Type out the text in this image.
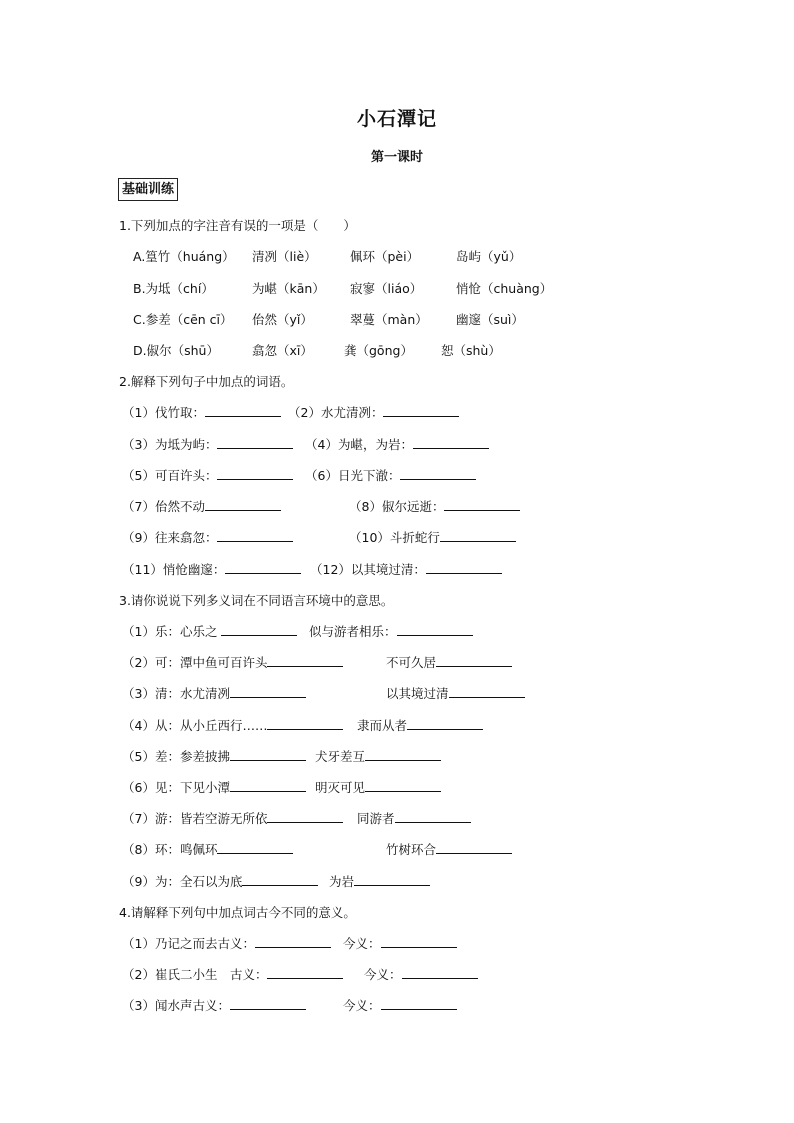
小石潭记
第一课时
基础训练
1.下列加点的字注音有误的一项是（　　）
A.篁竹（huáng） 清冽（liè）	佩环（pèi）	岛屿（yǔ）
B.为坻（chí）	为嵁（kān） 寂寥（liáo）	悄怆（chuàng）
C.参差（cēn cī） 佁然（yǐ）	翠蔓（màn） 幽邃（suì）
D.俶尔（shū）	翕忽（xī） 龚（gōng） 恕（shù）
2.解释下列句子中加点的词语。
（1）伐竹取：	（2）水尤清冽：
（3）为坻为屿：	（4）为嵁，为岩：
（5）可百许头：	（6）日光下澈：
（7）佁然不动	（8）俶尔远逝：
（9）往来翕忽：	（10）斗折蛇行
（11）悄怆幽邃：	（12）以其境过清：
3.请你说说下列多义词在不同语言环境中的意思。
（1）乐：心乐之	似与游者相乐：
（2）可：潭中鱼可百许头	不可久居
（3）清：水尤清冽	以其境过清
（4）从：从小丘西行……	隶而从者
（5）差：参差披拂	犬牙差互
（6）见：下见小潭	明灭可见
（7）游：皆若空游无所依	同游者
（8）环：鸣佩环	竹树环合
（9）为：全石以为底	为岩
4.请解释下列句中加点词古今不同的意义。
（1）乃记之而去古义：	今义：
（2）崔氏二小生　古义：	今义：
（3）闻水声古义：	今义：
